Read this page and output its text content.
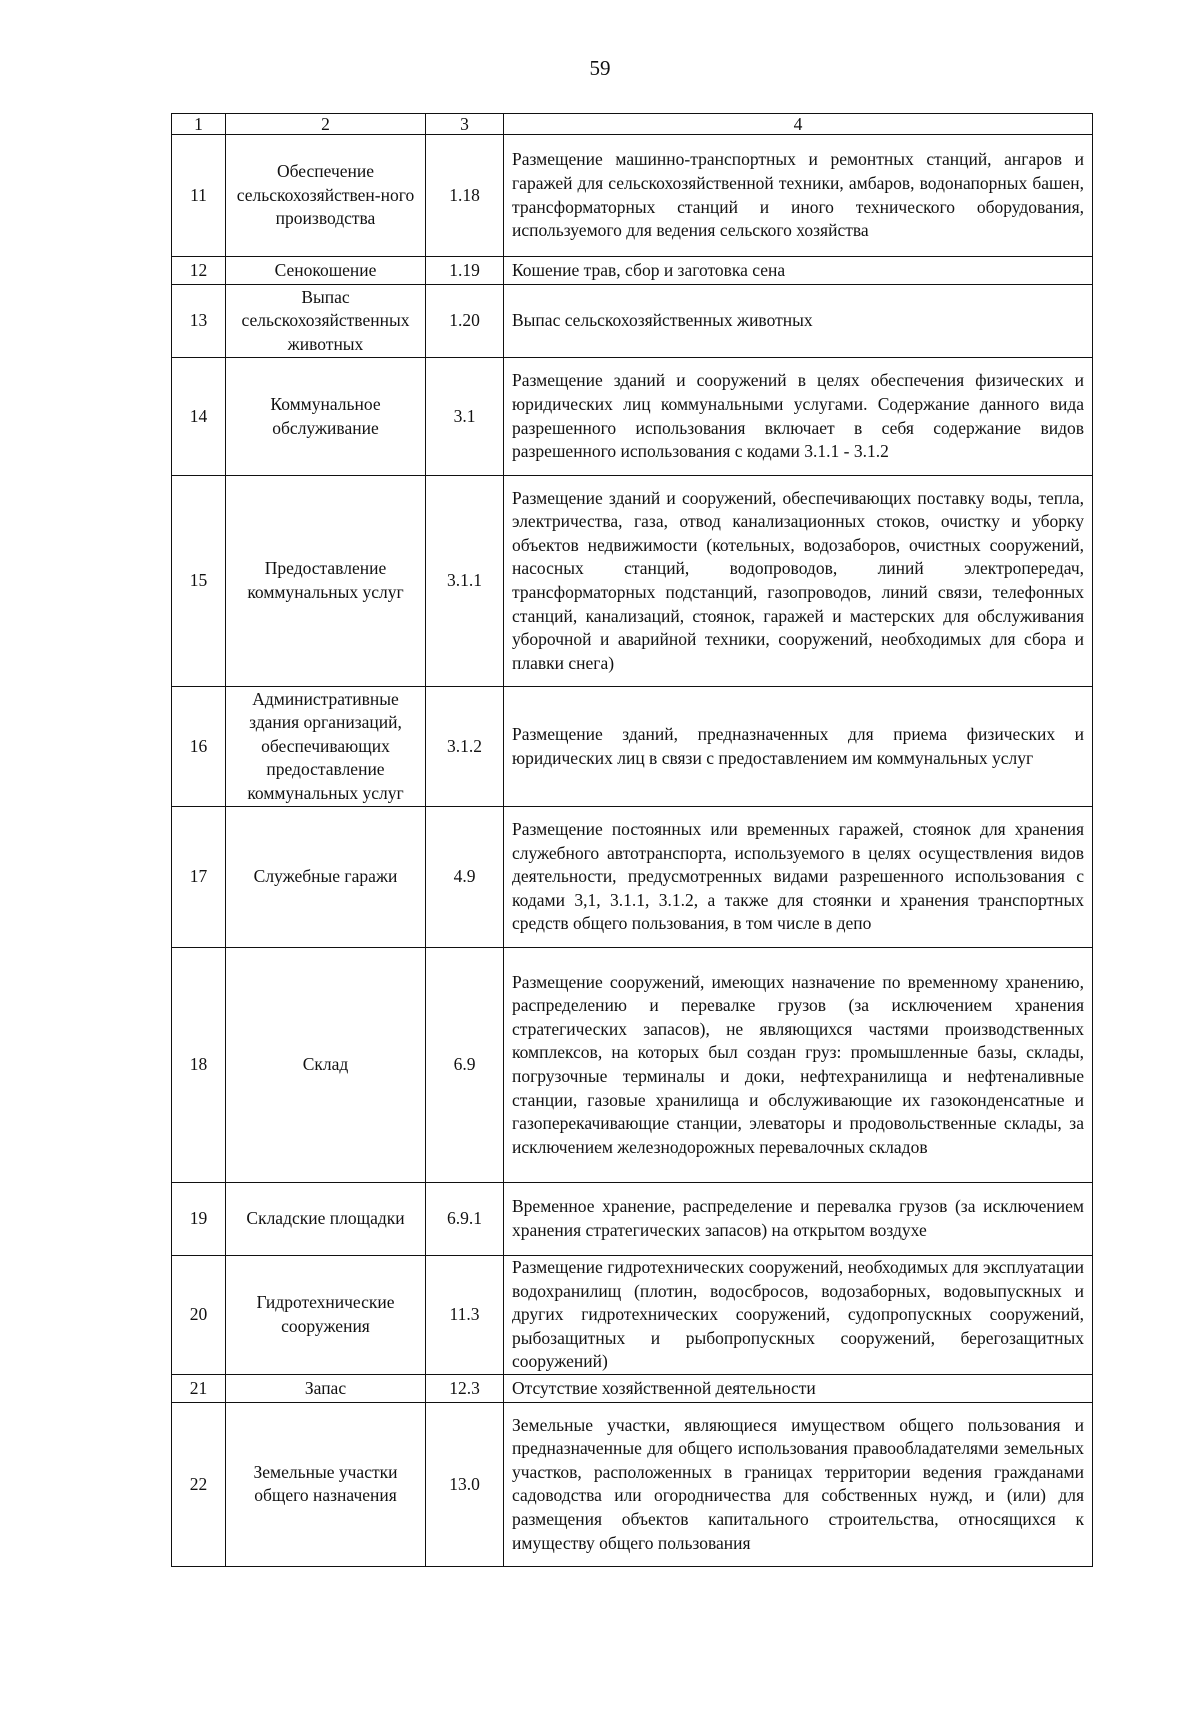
59
1	2	3	4
11	Обеспечение сельскохозяйствен-ного производства	1.18	Размещение машинно-транспортных и ремонтных станций, ангаров и гаражей для сельскохозяйственной техники, амбаров, водонапорных башен, трансформаторных станций и иного технического оборудования, используемого для ведения сельского хозяйства

12	Сенокошение	1.19	Кошение трав, сбор и заготовка сена

13	Выпас сельскохозяйственных животных	1.20	Выпас сельскохозяйственных животных

14	Коммунальное обслуживание	3.1	Размещение зданий и сооружений в целях обеспечения физических и юридических лиц коммунальными услугами. Содержание данного вида разрешенного использования включает в себя содержание видов разрешенного использования с кодами 3.1.1 - 3.1.2

15	Предоставление коммунальных услуг	3.1.1	Размещение зданий и сооружений, обеспечивающих поставку воды, тепла, электричества, газа, отвод канализационных стоков, очистку и уборку объектов недвижимости (котельных, водозаборов, очистных сооружений, насосных станций, водопроводов, линий электропередач, трансформаторных подстанций, газопроводов, линий связи, телефонных станций, канализаций, стоянок, гаражей и мастерских для обслуживания уборочной и аварийной техники, сооружений, необходимых для сбора и плавки снега)

16	Административные здания организаций, обеспечивающих предоставление коммунальных услуг	3.1.2	Размещение зданий, предназначенных для приема физических и юридических лиц в связи с предоставлением им коммунальных услуг

17	Служебные гаражи	4.9	Размещение постоянных или временных гаражей, стоянок для хранения служебного автотранспорта, используемого в целях осуществления видов деятельности, предусмотренных видами разрешенного использования с кодами 3,1, 3.1.1, 3.1.2, а также для стоянки и хранения транспортных средств общего пользования, в том числе в депо

18	Склад	6.9	Размещение сооружений, имеющих назначение по временному хранению, распределению и перевалке грузов (за исключением хранения стратегических запасов), не являющихся частями производственных комплексов, на которых был создан груз: промышленные базы, склады, погрузочные терминалы и доки, нефтехранилища и нефтеналивные станции, газовые хранилища и обслуживающие их газоконденсатные и газоперекачивающие станции, элеваторы и продовольственные склады, за исключением железнодорожных перевалочных складов

19	Складские площадки	6.9.1	Временное хранение, распределение и перевалка грузов (за исключением хранения стратегических запасов) на открытом воздухе

20	Гидротехнические сооружения	11.3	Размещение гидротехнических сооружений, необходимых для эксплуатации водохранилищ (плотин, водосбросов, водозаборных, водовыпускных и других гидротехнических сооружений, судопропускных сооружений, рыбозащитных и рыбопропускных сооружений, берегозащитных сооружений)

21	Запас	12.3	Отсутствие хозяйственной деятельности

22	Земельные участки общего назначения	13.0	Земельные участки, являющиеся имуществом общего пользования и предназначенные для общего использования правообладателями земельных участков, расположенных в границах территории ведения гражданами садоводства или огородничества для собственных нужд, и (или) для размещения объектов капитального строительства, относящихся к имуществу общего пользования
